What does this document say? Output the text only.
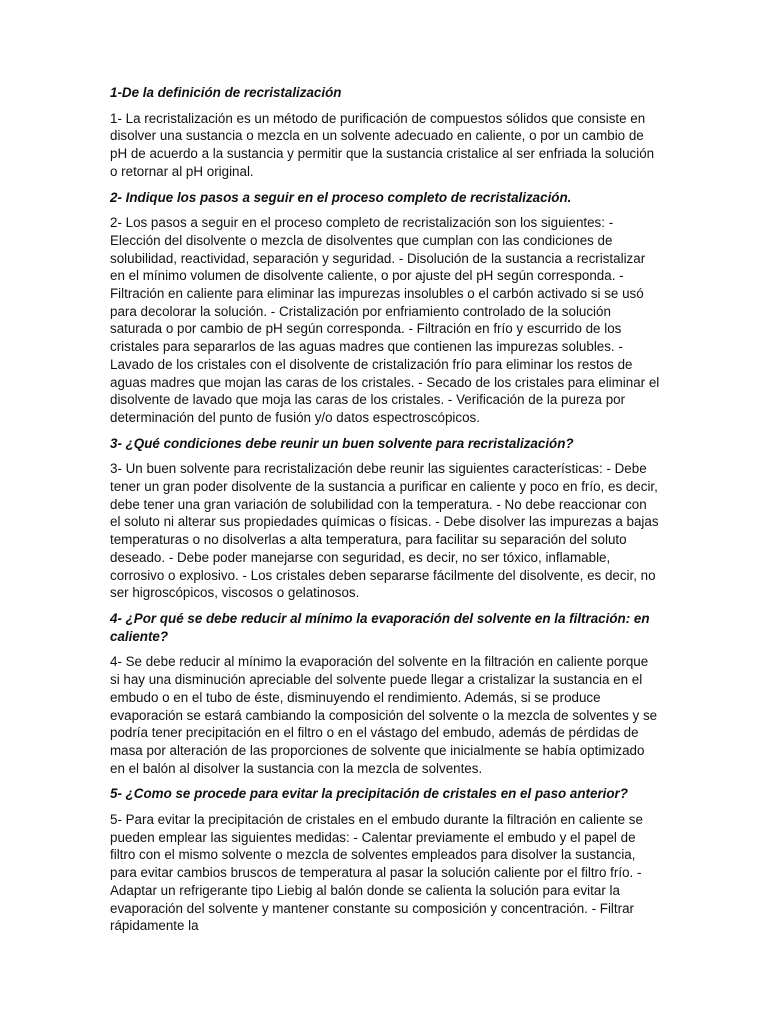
1-De la definición de recristalización

1- La recristalización es un método de purificación de compuestos sólidos que consiste en disolver una sustancia o mezcla en un solvente adecuado en caliente, o por un cambio de pH de acuerdo a la sustancia y permitir que la sustancia cristalice al ser enfriada la solución o retornar al pH original.

2- Indique los pasos a seguir en el proceso completo de recristalización.

2- Los pasos a seguir en el proceso completo de recristalización son los siguientes: - Elección del disolvente o mezcla de disolventes que cumplan con las condiciones de solubilidad, reactividad, separación y seguridad. - Disolución de la sustancia a recristalizar en el mínimo volumen de disolvente caliente, o por ajuste del pH según corresponda. - Filtración en caliente para eliminar las impurezas insolubles o el carbón activado si se usó para decolorar la solución. - Cristalización por enfriamiento controlado de la solución saturada o por cambio de pH según corresponda. - Filtración en frío y escurrido de los cristales para separarlos de las aguas madres que contienen las impurezas solubles. - Lavado de los cristales con el disolvente de cristalización frío para eliminar los restos de aguas madres que mojan las caras de los cristales. - Secado de los cristales para eliminar el disolvente de lavado que moja las caras de los cristales. - Verificación de la pureza por determinación del punto de fusión y/o datos espectroscópicos.

3- ¿Qué condiciones debe reunir un buen solvente para recristalización?

3- Un buen solvente para recristalización debe reunir las siguientes características: - Debe tener un gran poder disolvente de la sustancia a purificar en caliente y poco en frío, es decir, debe tener una gran variación de solubilidad con la temperatura. - No debe reaccionar con el soluto ni alterar sus propiedades químicas o físicas. - Debe disolver las impurezas a bajas temperaturas o no disolverlas a alta temperatura, para facilitar su separación del soluto deseado. - Debe poder manejarse con seguridad, es decir, no ser tóxico, inflamable, corrosivo o explosivo. - Los cristales deben separarse fácilmente del disolvente, es decir, no ser higroscópicos, viscosos o gelatinosos.

4- ¿Por qué se debe reducir al mínimo la evaporación del solvente en la filtración: en caliente?

4- Se debe reducir al mínimo la evaporación del solvente en la filtración en caliente porque si hay una disminución apreciable del solvente puede llegar a cristalizar la sustancia en el embudo o en el tubo de éste, disminuyendo el rendimiento. Además, si se produce evaporación se estará cambiando la composición del solvente o la mezcla de solventes y se podría tener precipitación en el filtro o en el vástago del embudo, además de pérdidas de masa por alteración de las proporciones de solvente que inicialmente se había optimizado en el balón al disolver la sustancia con la mezcla de solventes.

5- ¿Como se procede para evitar la precipitación de cristales en el paso anterior?

5- Para evitar la precipitación de cristales en el embudo durante la filtración en caliente se pueden emplear las siguientes medidas: - Calentar previamente el embudo y el papel de filtro con el mismo solvente o mezcla de solventes empleados para disolver la sustancia, para evitar cambios bruscos de temperatura al pasar la solución caliente por el filtro frío. - Adaptar un refrigerante tipo Liebig al balón donde se calienta la solución para evitar la evaporación del solvente y mantener constante su composición y concentración. - Filtrar rápidamente la
